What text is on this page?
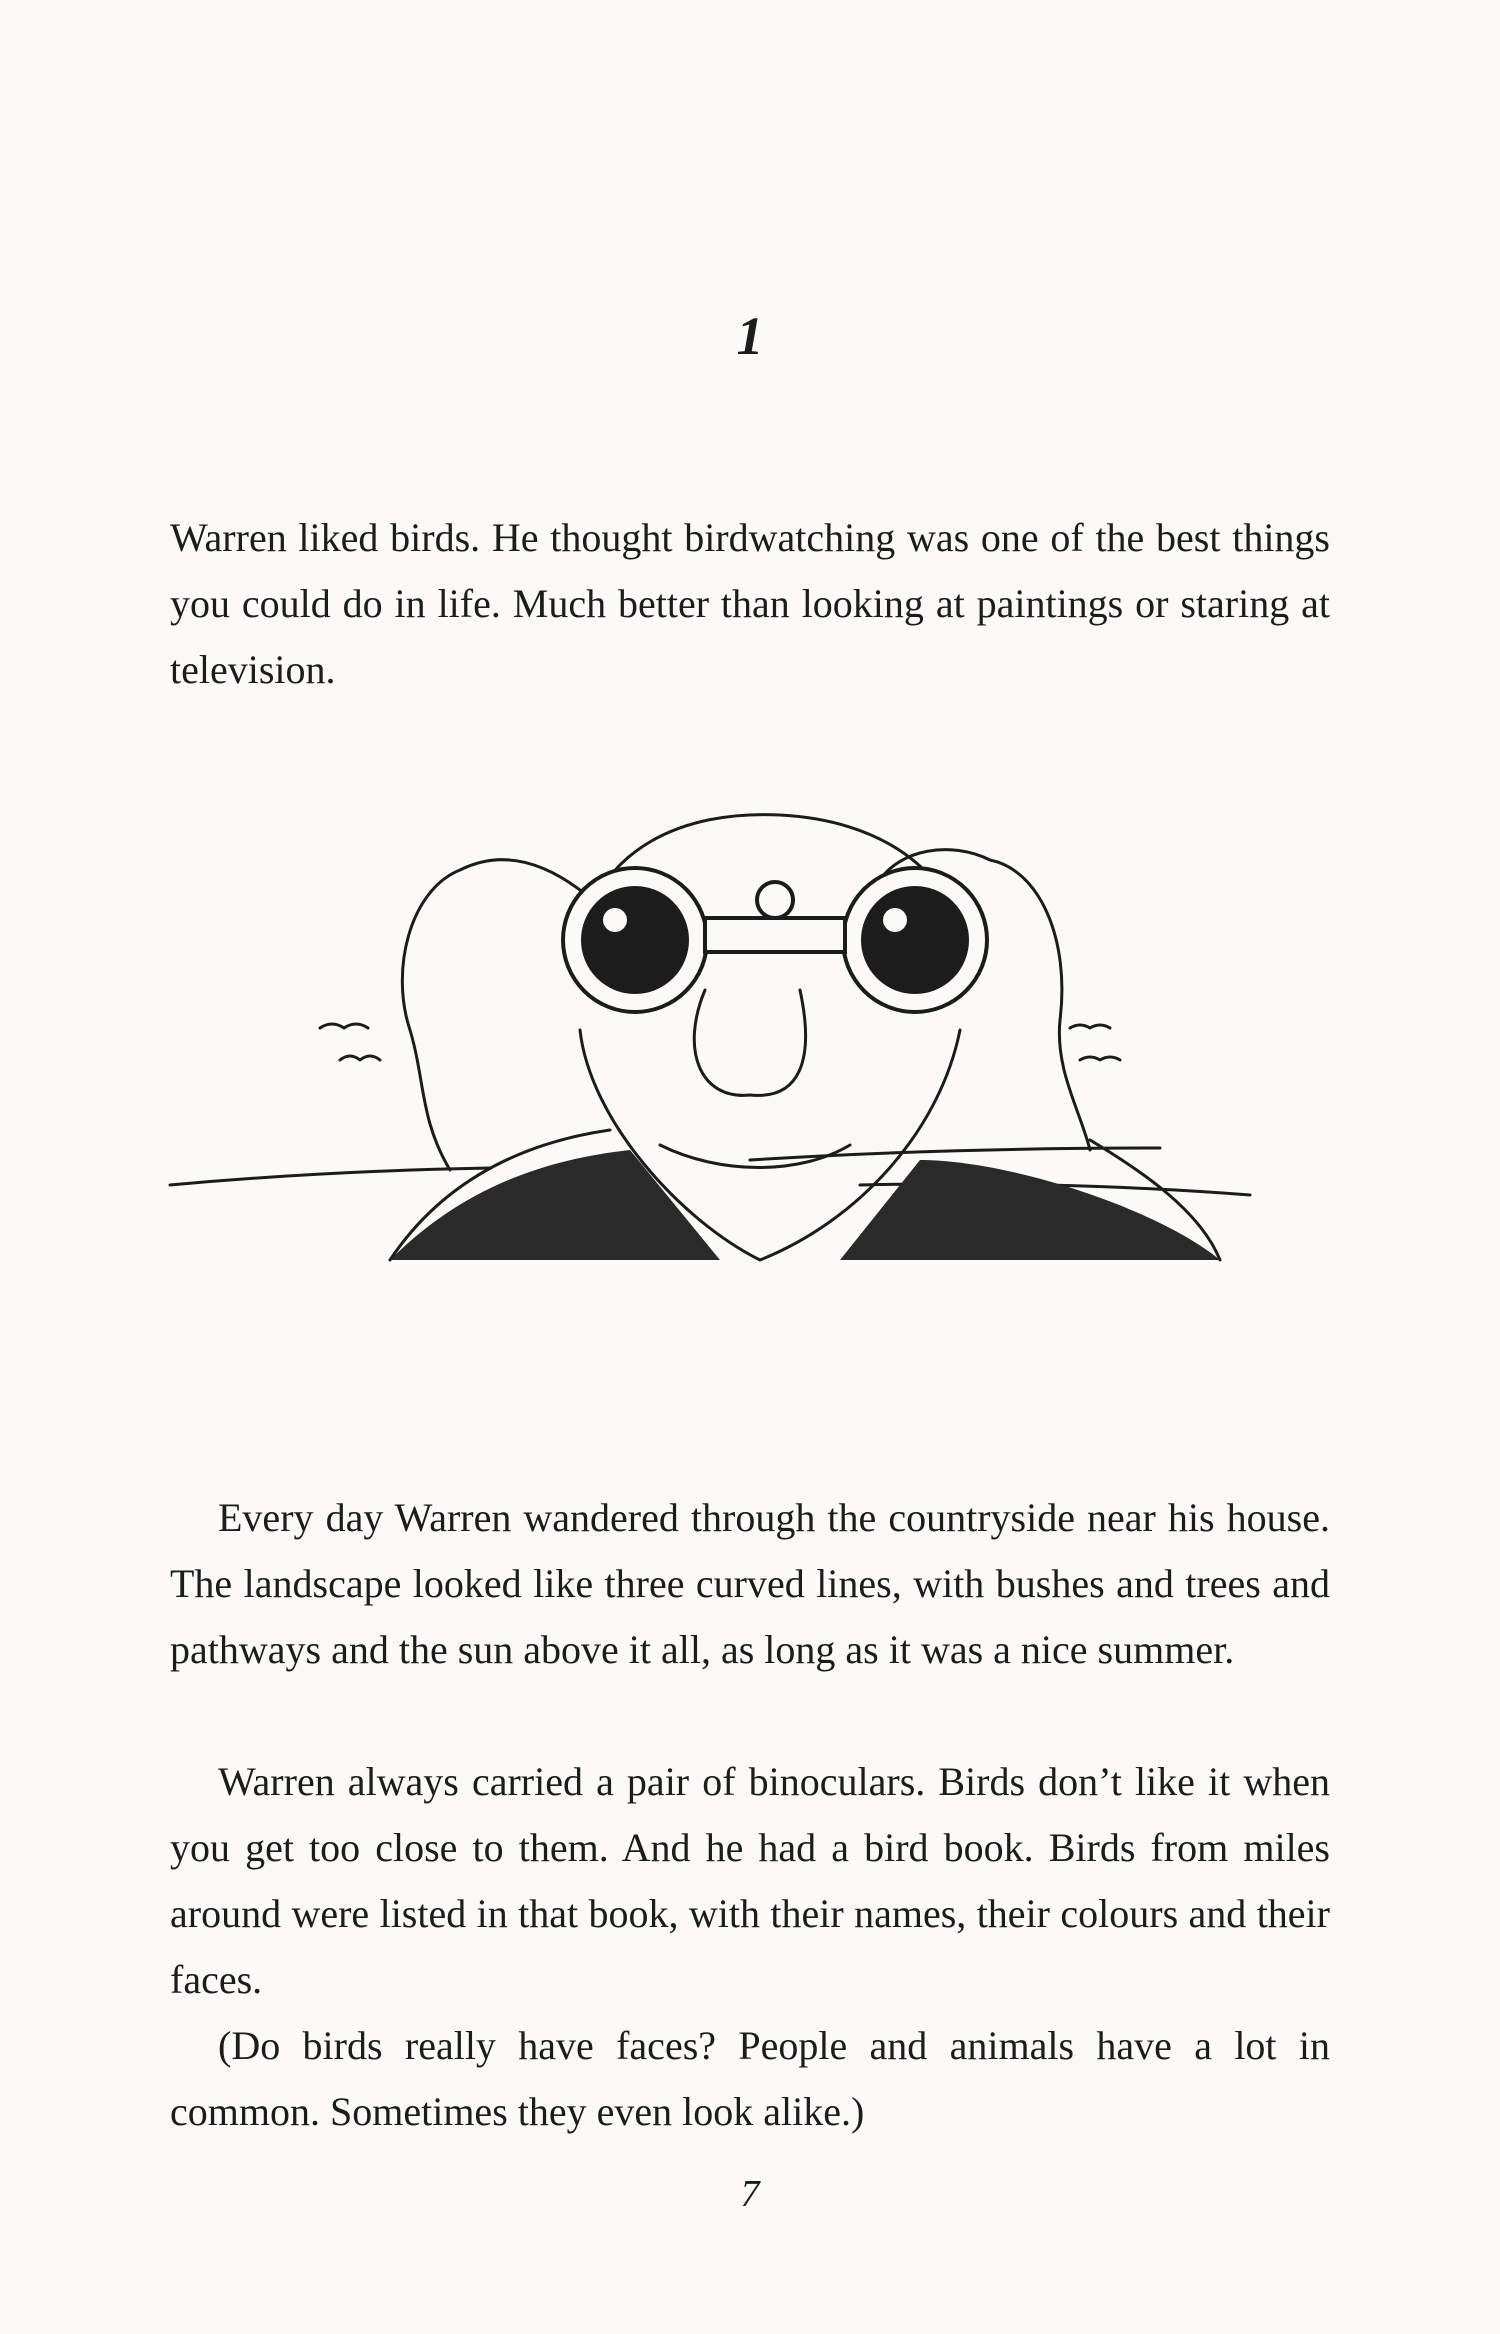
1

Warren liked birds. He thought birdwatching was one of the best things you could do in life. Much better than looking at paintings or staring at television.

Every day Warren wandered through the countryside near his house. The landscape looked like three curved lines, with bushes and trees and pathways and the sun above it all, as long as it was a nice summer.

Warren always carried a pair of binoculars. Birds don’t like it when you get too close to them. And he had a bird book. Birds from miles around were listed in that book, with their names, their colours and their faces.

(Do birds really have faces? People and animals have a lot in common. Sometimes they even look alike.)

7
